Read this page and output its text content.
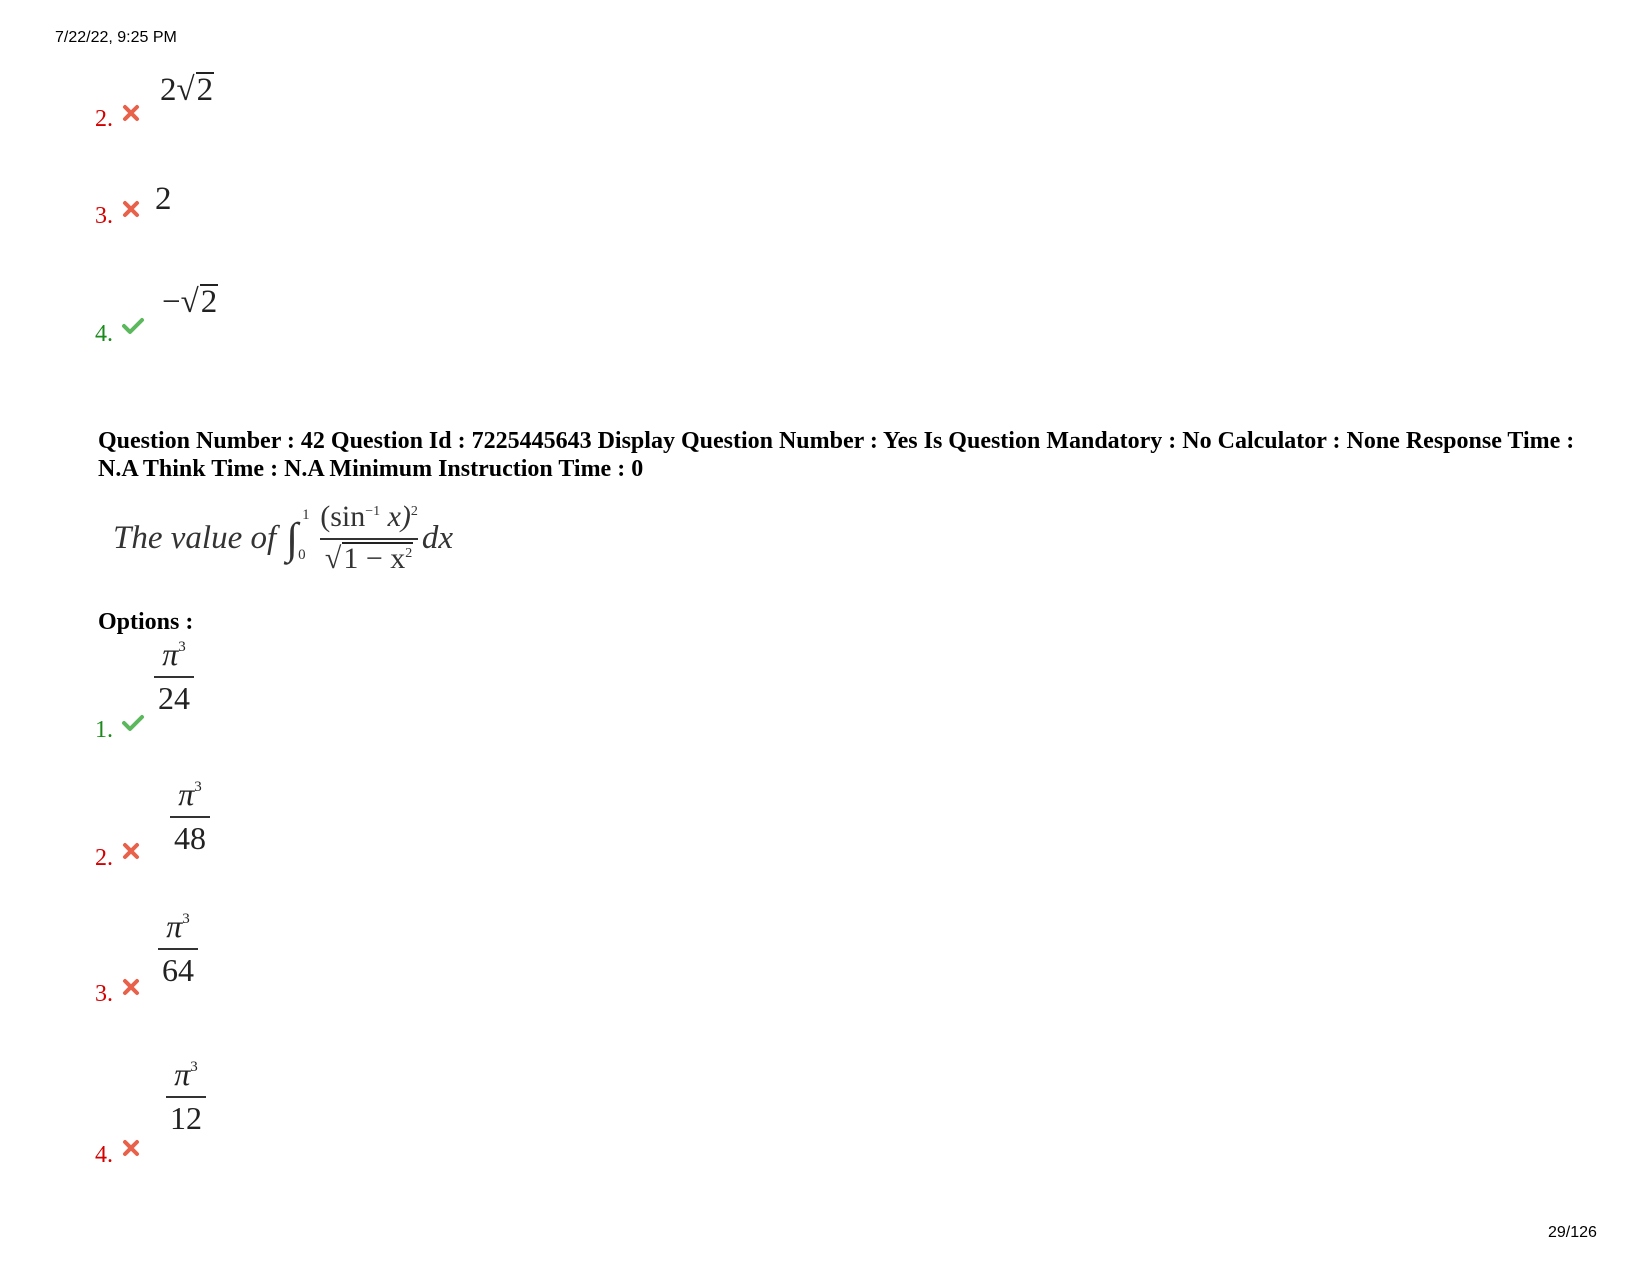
7/22/22, 9:25 PM
2.
2√2
3. 2
4.
−√2
Question Number : 42 Question Id : 7225445643 Display Question Number : Yes Is Question Mandatory : No Calculator : None Response Time : N.A Think Time : N.A Minimum Instruction Time : 0
The value of ∫ 1
0
($\sin^{-1}$ x)$^2$
$√1 - x^2$ dx
Options :
1.
$\pi^3$
24
2.
$\pi^3$
48
3.
$\pi^3$
64
4.
$\pi^3$
12
29/126
